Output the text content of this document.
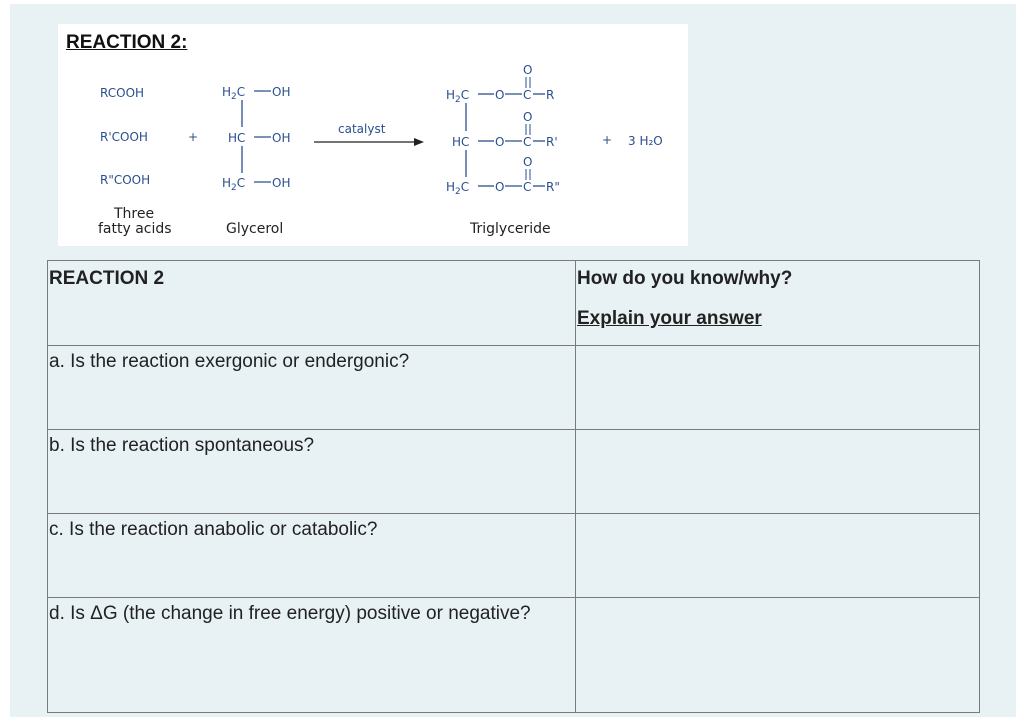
REACTION 2:
RCOOH
R'COOH
R"COOH
Three
fatty acids
+
$H_2C$ OH
HC OH
$H_2C$ OH
Glycerol
catalyst
$H_2C$ O C R
O
HC O C R'
O
$H_2C$ O C R"
O
Triglyceride
+ 3 H₂O
REACTION 2	How do you know/why?
Explain your answer

a. Is the reaction exergonic or endergonic?	

b. Is the reaction spontaneous?	

c. Is the reaction anabolic or catabolic?	

d. Is ΔG (the change in free energy) positive or negative?	
